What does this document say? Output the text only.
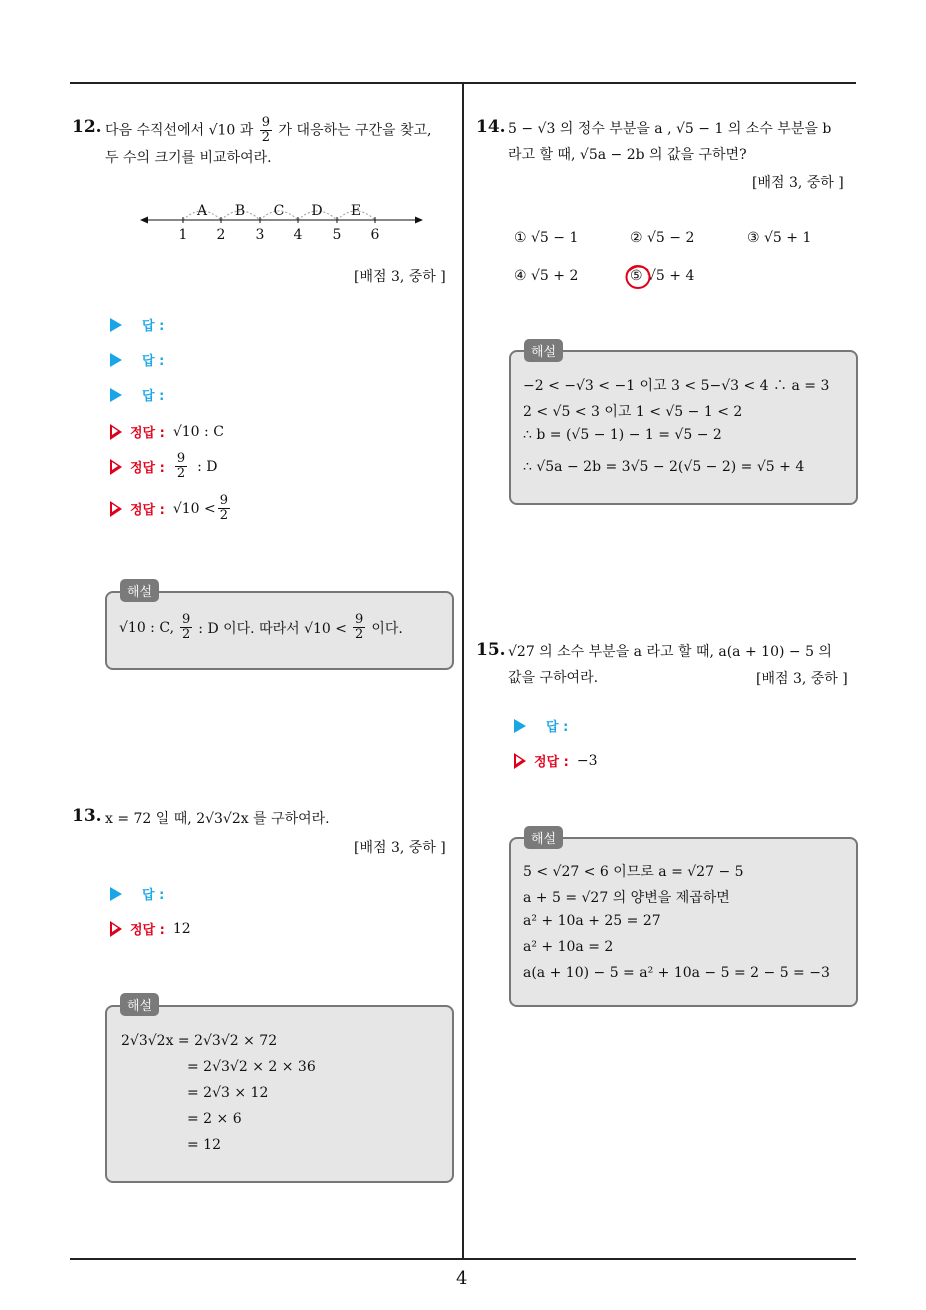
4
12. 다음 수직선에서 √10 과 $\frac{9}{2}$ 가 대응하는 구간을 찾고,
두 수의 크기를 비교하여라.
A B C D E
1 2 3 4 5 6
[배점 3, 중하 ]
답 :
답 :
답 :
정답 : √10 : C
정답 : $\frac{9}{2}$ : D
정답 : $√10 < \frac{9}{2}$
√10 : C, $\frac{9}{2}$ : D 이다. 따라서 $√10 < \frac{9}{2}$ 이다.
해설
13. x = 72 일 때, 2√3√2x 를 구하여라.
[배점 3, 중하 ]
답 :
정답 : 12
2√3√2x = 2√3√2 × 72
= 2√3√2 × 2 × 36
= 2√3 × 12
= 2 × 6
= 12
해설
14. 5 − √3 의 정수 부분을 a , √5 − 1 의 소수 부분을 b
라고 할 때, √5a − 2b 의 값을 구하면?
[배점 3, 중하 ]
① √5 − 1	② √5 − 2	③ √5 + 1
④ √5 + 2	⑤ √5 + 4
−2 < −√3 < −1 이고 3 < 5−√3 < 4 ∴ a = 3
2 < √5 < 3 이고 1 < √5 − 1 < 2
∴ b = (√5 − 1) − 1 = √5 − 2
∴ √5a − 2b = 3√5 − 2(√5 − 2) = √5 + 4
해설
15. √27 의 소수 부분을 a 라고 할 때, a(a + 10) − 5 의
값을 구하여라.	[배점 3, 중하 ]
답 :
정답 : −3
5 < √27 < 6 이므로 a = √27 − 5
a + 5 = √27 의 양변을 제곱하면
a² + 10a + 25 = 27
a² + 10a = 2
a(a + 10) − 5 = a² + 10a − 5 = 2 − 5 = −3
해설
